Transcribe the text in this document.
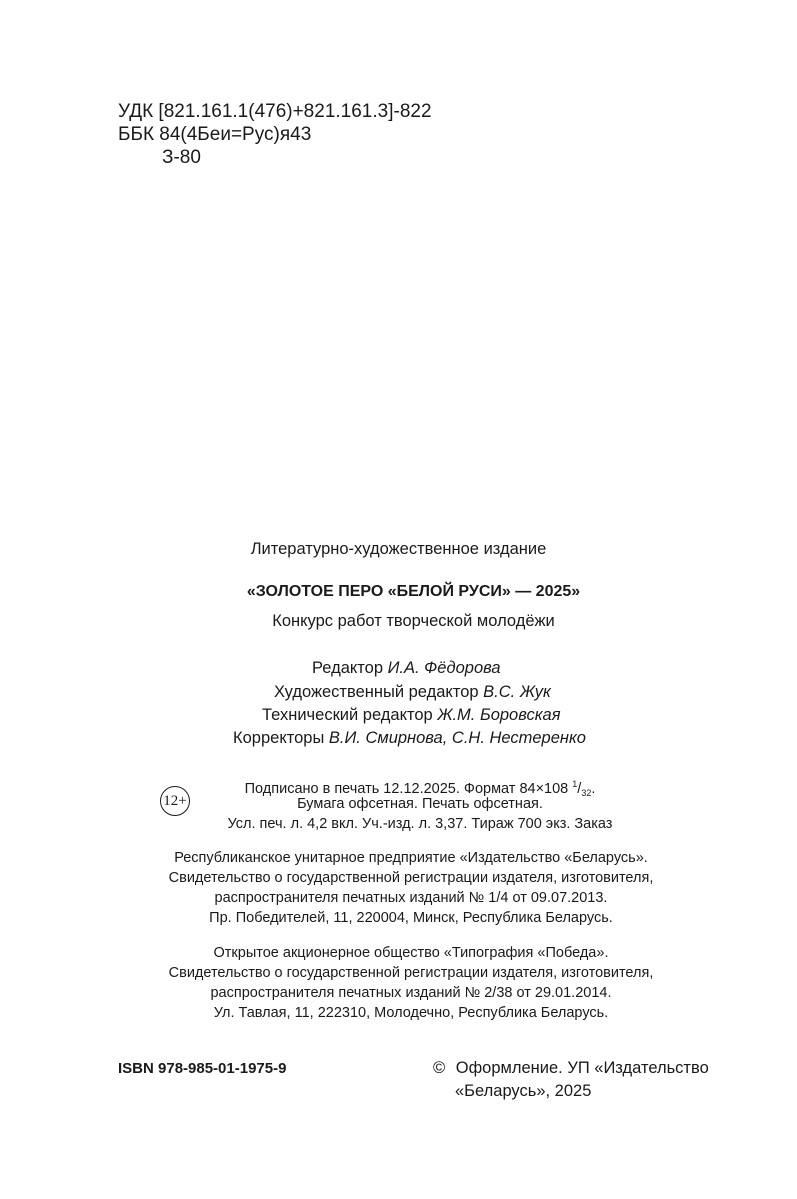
УДК [821.161.1(476)+821.161.3]-822
ББК 84(4Беи=Рус)я43
З-80
Литературно-художественное издание
«ЗОЛОТОЕ ПЕРО «БЕЛОЙ РУСИ» — 2025»
Конкурс работ творческой молодёжи
Редактор И.А. Фёдорова
Художественный редактор В.С. Жук
Технический редактор Ж.М. Боровская
Корректоры В.И. Смирнова, С.Н. Нестеренко
12+
Подписано в печать 12.12.2025. Формат 84×108 $^1/_{32}$.
Бумага офсетная. Печать офсетная.
Усл. печ. л. 4,2 вкл. Уч.-изд. л. 3,37. Тираж 700 экз. Заказ
Республиканское унитарное предприятие «Издательство «Беларусь».
Свидетельство о государственной регистрации издателя, изготовителя,
распространителя печатных изданий № 1/4 от 09.07.2013.
Пр. Победителей, 11, 220004, Минск, Республика Беларусь.
Открытое акционерное общество «Типография «Победа».
Свидетельство о государственной регистрации издателя, изготовителя,
распространителя печатных изданий № 2/38 от 29.01.2014.
Ул. Тавлая, 11, 222310, Молодечно, Республика Беларусь.
ISBN 978-985-01-1975-9	© Оформление. УП «Издательство
«Беларусь», 2025
